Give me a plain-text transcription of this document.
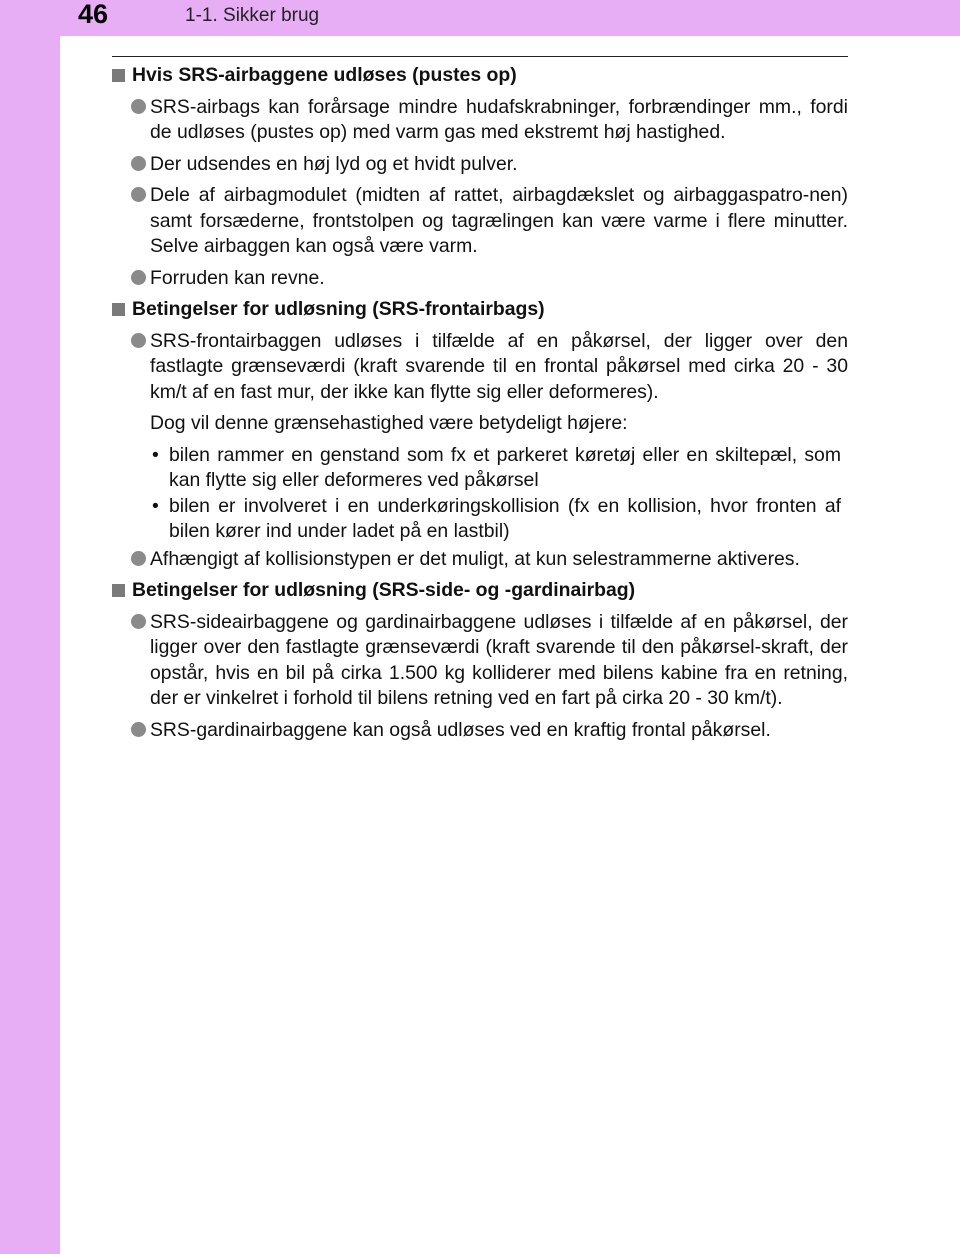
46	1-1. Sikker brug
Hvis SRS-airbaggene udløses (pustes op)
SRS-airbags kan forårsage mindre hudafskrabninger, forbrændinger mm., fordi de udløses (pustes op) med varm gas med ekstremt høj hastighed.
Der udsendes en høj lyd og et hvidt pulver.
Dele af airbagmodulet (midten af rattet, airbagdækslet og airbaggaspatro-nen) samt forsæderne, frontstolpen og tagrælingen kan være varme i flere minutter. Selve airbaggen kan også være varm.
Forruden kan revne.
Betingelser for udløsning (SRS-frontairbags)
SRS-frontairbaggen udløses i tilfælde af en påkørsel, der ligger over den fastlagte grænseværdi (kraft svarende til en frontal påkørsel med cirka 20 - 30 km/t af en fast mur, der ikke kan flytte sig eller deformeres).
Dog vil denne grænsehastighed være betydeligt højere:
• bilen rammer en genstand som fx et parkeret køretøj eller en skiltepæl, som kan flytte sig eller deformeres ved påkørsel
• bilen er involveret i en underkøringskollision (fx en kollision, hvor fronten af bilen kører ind under ladet på en lastbil)
Afhængigt af kollisionstypen er det muligt, at kun selestrammerne aktiveres.
Betingelser for udløsning (SRS-side- og -gardinairbag)
SRS-sideairbaggene og gardinairbaggene udløses i tilfælde af en påkørsel, der ligger over den fastlagte grænseværdi (kraft svarende til den påkørsel-skraft, der opstår, hvis en bil på cirka 1.500 kg kolliderer med bilens kabine fra en retning, der er vinkelret i forhold til bilens retning ved en fart på cirka 20 - 30 km/t).
SRS-gardinairbaggene kan også udløses ved en kraftig frontal påkørsel.
